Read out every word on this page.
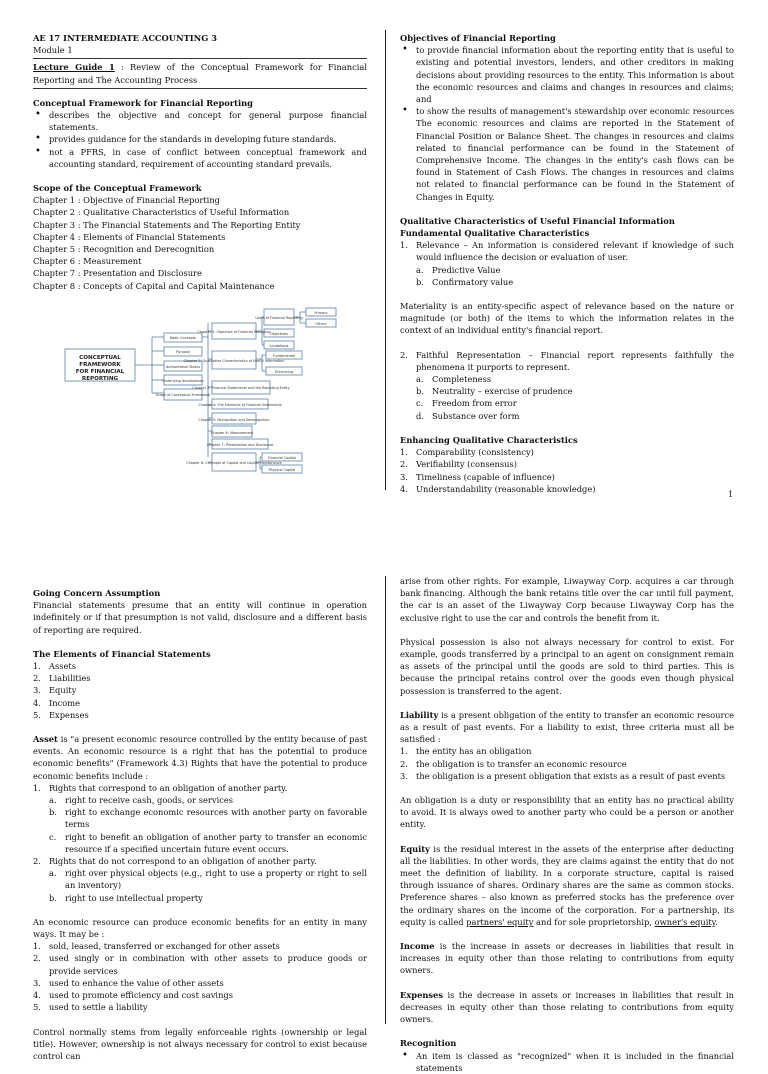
AE 17 INTERMEDIATE ACCOUNTING 3

Module 1

Lecture Guide 1 : Review of the Conceptual Framework for Financial Reporting and The Accounting Process

Conceptual Framework for Financial Reporting

• describes the objective and concept for general purpose financial statements.
• provides guidance for the standards in developing future standards.
• not a PFRS, in case of conflict between conceptual framework and accounting standard, requirement of accounting standard prevails.

Scope of the Conceptual Framework

Chapter 1 : Objective of Financial Reporting

Chapter 2 : Qualitative Characteristics of Useful Information

Chapter 3 : The Financial Statements and The Reporting Entity

Chapter 4 : Elements of Financial Statements

Chapter 5 : Recognition and Derecognition

Chapter 6 : Measurement

Chapter 7 : Presentation and Disclosure

Chapter 8 : Concepts of Capital and Capital Maintenance

CONCEPTUAL
FRAMEWORK
FOR FINANCIAL
REPORTING
Basic Concepts
Purpose
Authoritative Status
Underlying Assumptions
Scope of Conceptual Framework
Chapter 1: Objective of Financial Reporting
Chapter 2: Qualitative Characteristics of Useful Information
Chapter 3: Financial Statements and the Reporting Entity
Chapter 4: The Elements of Financial Statements
Chapter 5: Recognition and Derecognition
Chapter 6: Measurement
Chapter 7: Presentation and Disclosure
Chapter 8: Concepts of Capital and Capital Maintenance
Users of Financial Reporting
Objectives
Limitations
Primary
Others
Fundamental
Enhancing
Financial Capital
Physical Capital

Objectives of Financial Reporting

• to provide financial information about the reporting entity that is useful to existing and potential investors, lenders, and other creditors in making decisions about providing resources to the entity. This information is about the economic resources and claims and changes in resources and claims; and
• to show the results of management's stewardship over economic resources The economic resources and claims are reported in the Statement of Financial Position or Balance Sheet. The changes in resources and claims related to financial performance can be found in the Statement of Comprehensive Income. The changes in the entity's cash flows can be found in Statement of Cash Flows. The changes in resources and claims not related to financial performance can be found in the Statement of Changes in Equity.

Qualitative Characteristics of Useful Financial Information

Fundamental Qualitative Characteristics

1. Relevance – An information is considered relevant if knowledge of such would influence the decision or evaluation of user.
a. Predictive Value
b. Confirmatory value

Materiality is an entity-specific aspect of relevance based on the nature or magnitude (or both) of the items to which the information relates in the context of an individual entity's financial report.

2. Faithful Representation – Financial report represents faithfully the phenomena it purports to represent.
a. Completeness
b. Neutrality – exercise of prudence
c. Freedom from error
d. Substance over form

Enhancing Qualitative Characteristics

1. Comparability (consistency)
2. Verifiability (consensus)
3. Timeliness (capable of influence)
4. Understandability (reasonable knowledge)
1

Going Concern Assumption

Financial statements presume that an entity will continue in operation indefinitely or if that presumption is not valid, disclosure and a different basis of reporting are required.

The Elements of Financial Statements

1. Assets
2. Liabilities
3. Equity
4. Income
5. Expenses

Asset is "a present economic resource controlled by the entity because of past events. An economic resource is a right that has the potential to produce economic benefits" (Framework 4.3) Rights that have the potential to produce economic benefits include :

1. Rights that correspond to an obligation of another party.
a. right to receive cash, goods, or services
b. right to exchange economic resources with another party on favorable terms
c. right to benefit an obligation of another party to transfer an economic resource if a specified uncertain future event occurs.
2. Rights that do not correspond to an obligation of another party.
a. right over physical objects (e.g., right to use a property or right to sell an inventory)
b. right to use intellectual property

An economic resource can produce economic benefits for an entity in many ways. It may be :

1. sold, leased, transferred or exchanged for other assets
2. used singly or in combination with other assets to produce goods or provide services
3. used to enhance the value of other assets
4. used to promote efficiency and cost savings
5. used to settle a liability

Control normally stems from legally enforceable rights (ownership or legal title). However, ownership is not always necessary for control to exist because control can

arise from other rights. For example, Liwayway Corp. acquires a car through bank financing. Although the bank retains title over the car until full payment, the car is an asset of the Liwayway Corp because Liwayway Corp has the exclusive right to use the car and controls the benefit from it.

Physical possession is also not always necessary for control to exist. For example, goods transferred by a principal to an agent on consignment remain as assets of the principal until the goods are sold to third parties. This is because the principal retains control over the goods even though physical possession is transferred to the agent.

Liability is a present obligation of the entity to transfer an economic resource as a result of past events. For a liability to exist, three criteria must all be satisfied :

1. the entity has an obligation
2. the obligation is to transfer an economic resource
3. the obligation is a present obligation that exists as a result of past events

An obligation is a duty or responsibility that an entity has no practical ability to avoid. It is always owed to another party who could be a person or another entity.

Equity is the residual interest in the assets of the enterprise after deducting all the liabilities. In other words, they are claims against the entity that do not meet the definition of liability. In a corporate structure, capital is raised through issuance of shares. Ordinary shares are the same as common stocks. Preference shares – also known as preferred stocks has the preference over the ordinary shares on the income of the corporation. For a partnership, its equity is called partners' equity and for sole proprietorship, owner's equity.

Income is the increase in assets or decreases in liabilities that result in increases in equity other than those relating to contributions from equity owners.

Expenses is the decrease in assets or increases in liabilities that result in decreases in equity other than those relating to contributions from equity owners.

Recognition

• An item is classed as "recognized" when it is included in the financial statements
